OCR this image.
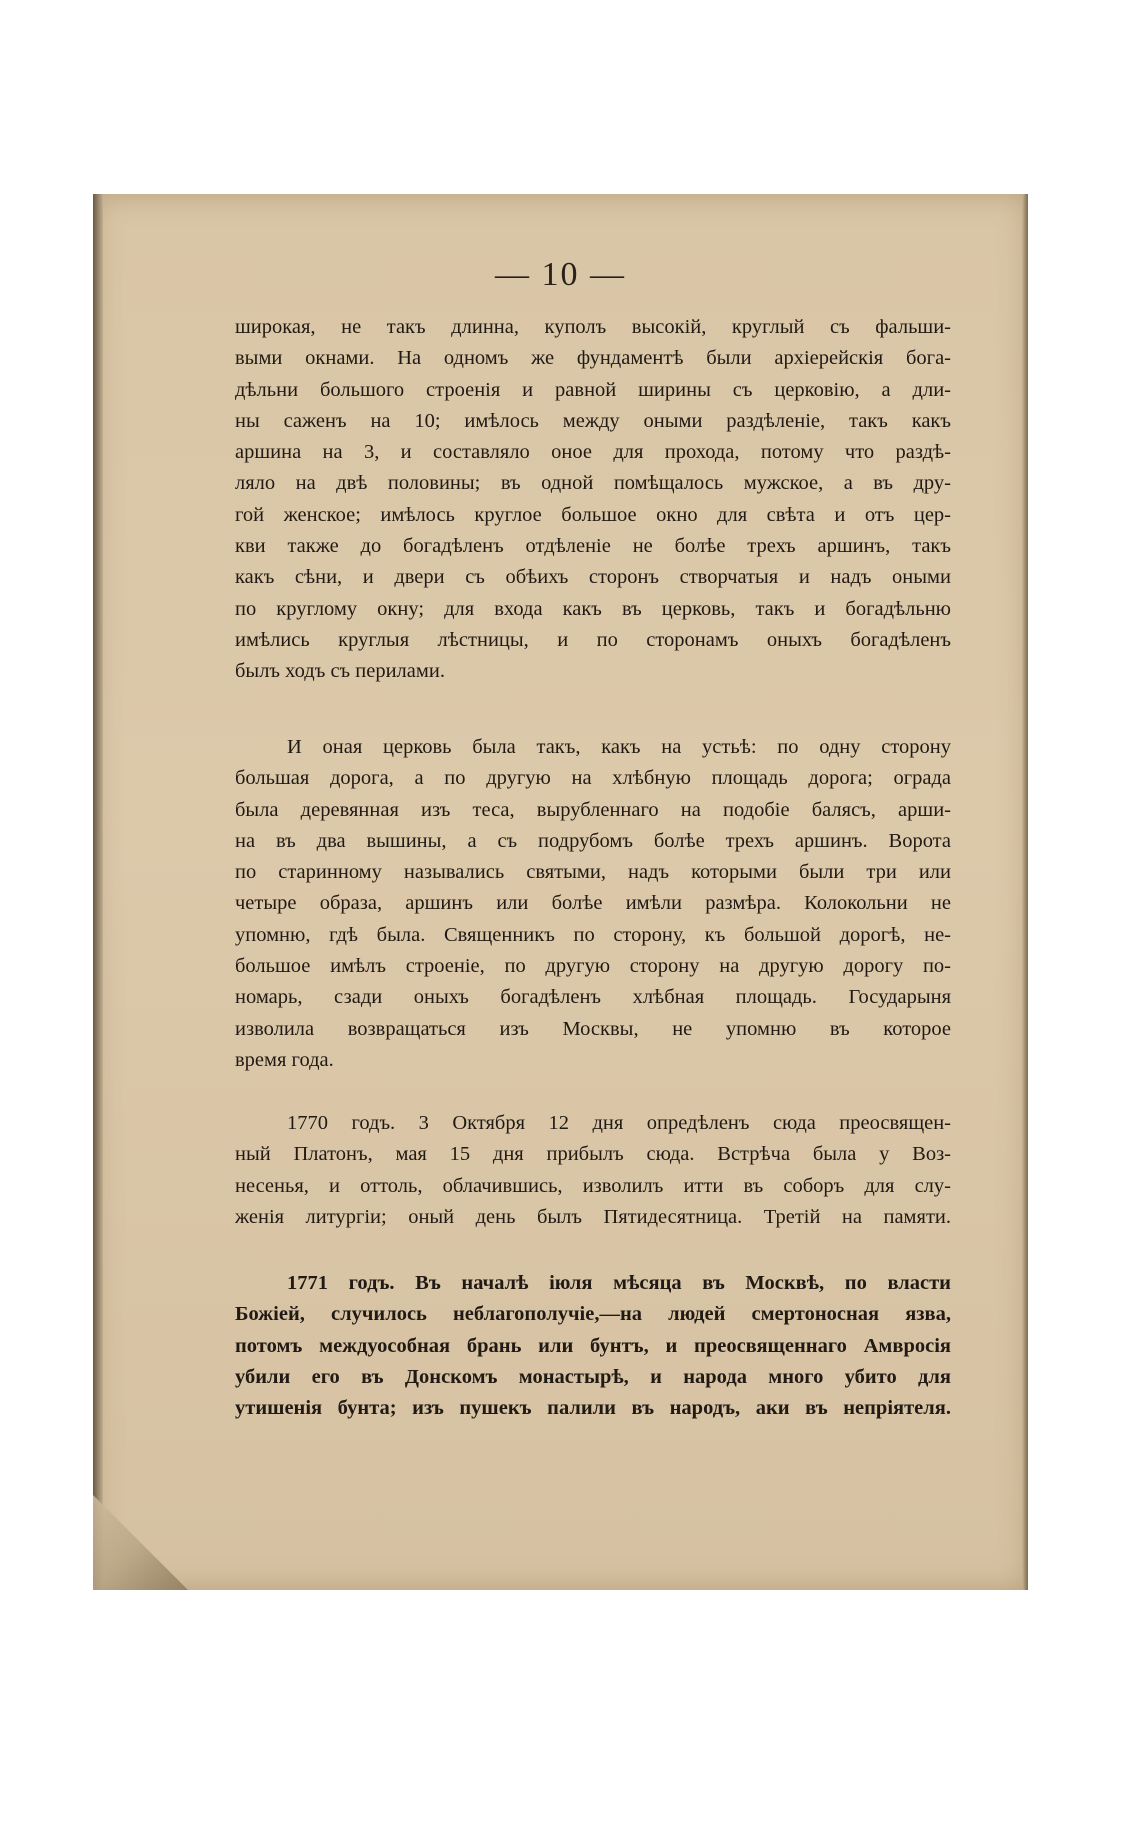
— 10 —
широкая, не такъ длинна, куполъ высокій, круглый съ фальши-
выми окнами. На одномъ же фундаментѣ были архіерейскія бога-
дѣльни большого строенія и равной ширины съ церковію, а дли-
ны саженъ на 10; имѣлось между оными раздѣленіе, такъ какъ
аршина на 3, и составляло оное для прохода, потому что раздѣ-
ляло на двѣ половины; въ одной помѣщалось мужское, а въ дру-
гой женское; имѣлось круглое большое окно для свѣта и отъ цер-
кви также до богадѣленъ отдѣленіе не болѣе трехъ аршинъ, такъ
какъ сѣни, и двери съ обѣихъ сторонъ створчатыя и надъ оными
по круглому окну; для входа какъ въ церковь, такъ и богадѣльню
имѣлись круглыя лѣстницы, и по сторонамъ оныхъ богадѣленъ
былъ ходъ съ перилами.
И оная церковь была такъ, какъ на устьѣ: по одну сторону
большая дорога, а по другую на хлѣбную площадь дорога; ограда
была деревянная изъ теса, вырубленнаго на подобіе балясъ, арши-
на въ два вышины, а съ подрубомъ болѣе трехъ аршинъ. Ворота
по старинному назывались святыми, надъ которыми были три или
четыре образа, аршинъ или болѣе имѣли размѣра. Колокольни не
упомню, гдѣ была. Священникъ по сторону, къ большой дорогѣ, не-
большое имѣлъ строеніе, по другую сторону на другую дорогу по-
номарь, сзади оныхъ богадѣленъ хлѣбная площадь. Государыня
изволила возвращаться изъ Москвы, не упомню въ которое
время года.
1770 годъ. 3 Октября 12 дня опредѣленъ сюда преосвящен-
ный Платонъ, мая 15 дня прибылъ сюда. Встрѣча была у Воз-
несенья, и оттоль, облачившись, изволилъ итти въ соборъ для слу-
женія литургіи; оный день былъ Пятидесятница. Третій на памяти.
1771 годъ. Въ началѣ іюля мѣсяца въ Москвѣ, по власти
Божіей, случилось неблагополучіе,—на людей смертоносная язва,
потомъ междуособная брань или бунтъ, и преосвященнаго Амвросія
убили его въ Донскомъ монастырѣ, и народа много убито для
утишенія бунта; изъ пушекъ палили въ народъ, аки въ непріятеля.
